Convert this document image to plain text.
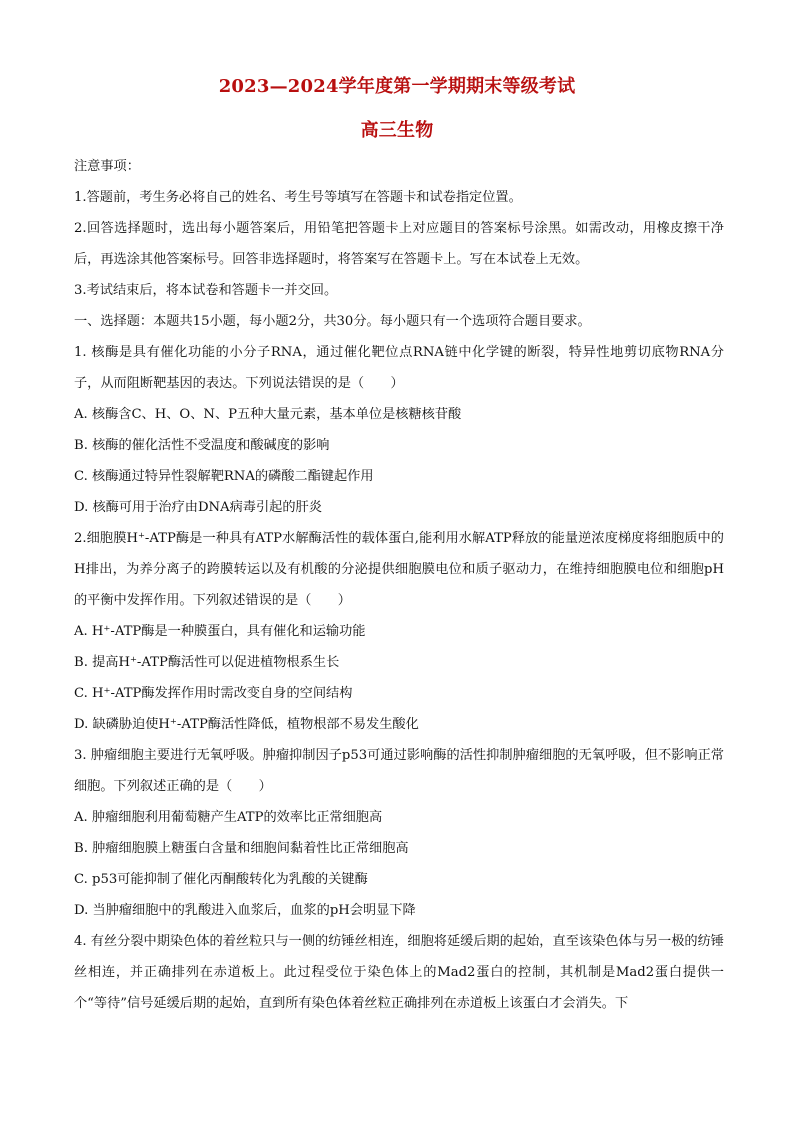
2023—2024学年度第一学期期末等级考试
高三生物

注意事项：

1.答题前，考生务必将自己的姓名、考生号等填写在答题卡和试卷指定位置。

2.回答选择题时，选出每小题答案后，用铅笔把答题卡上对应题目的答案标号涂黑。如需改动，用橡皮擦干净后，再选涂其他答案标号。回答非选择题时，将答案写在答题卡上。写在本试卷上无效。

3.考试结束后，将本试卷和答题卡一并交回。

一、选择题：本题共15小题，每小题2分，共30分。每小题只有一个选项符合题目要求。

1. 核酶是具有催化功能的小分子RNA，通过催化靶位点RNA链中化学键的断裂，特异性地剪切底物RNA分子，从而阻断靶基因的表达。下列说法错误的是（　　）

A. 核酶含C、H、O、N、P五种大量元素，基本单位是核糖核苷酸

B. 核酶的催化活性不受温度和酸碱度的影响

C. 核酶通过特异性裂解靶RNA的磷酸二酯键起作用

D. 核酶可用于治疗由DNA病毒引起的肝炎

2.细胞膜H⁺-ATP酶是一种具有ATP水解酶活性的载体蛋白,能利用水解ATP释放的能量逆浓度梯度将细胞质中的H排出，为养分离子的跨膜转运以及有机酸的分泌提供细胞膜电位和质子驱动力，在维持细胞膜电位和细胞pH的平衡中发挥作用。下列叙述错误的是（　　）

A. H⁺-ATP酶是一种膜蛋白，具有催化和运输功能

B. 提高H⁺-ATP酶活性可以促进植物根系生长

C. H⁺-ATP酶发挥作用时需改变自身的空间结构

D. 缺磷胁迫使H⁺-ATP酶活性降低，植物根部不易发生酸化

3. 肿瘤细胞主要进行无氧呼吸。肿瘤抑制因子p53可通过影响酶的活性抑制肿瘤细胞的无氧呼吸，但不影响正常细胞。下列叙述正确的是（　　）

A. 肿瘤细胞利用葡萄糖产生ATP的效率比正常细胞高

B. 肿瘤细胞膜上糖蛋白含量和细胞间黏着性比正常细胞高

C. p53可能抑制了催化丙酮酸转化为乳酸的关键酶

D. 当肿瘤细胞中的乳酸进入血浆后，血浆的pH会明显下降

4. 有丝分裂中期染色体的着丝粒只与一侧的纺锤丝相连，细胞将延缓后期的起始，直至该染色体与另一极的纺锤丝相连，并正确排列在赤道板上。此过程受位于染色体上的Mad2蛋白的控制，其机制是Mad2蛋白提供一个“等待”信号延缓后期的起始，直到所有染色体着丝粒正确排列在赤道板上该蛋白才会消失。下
